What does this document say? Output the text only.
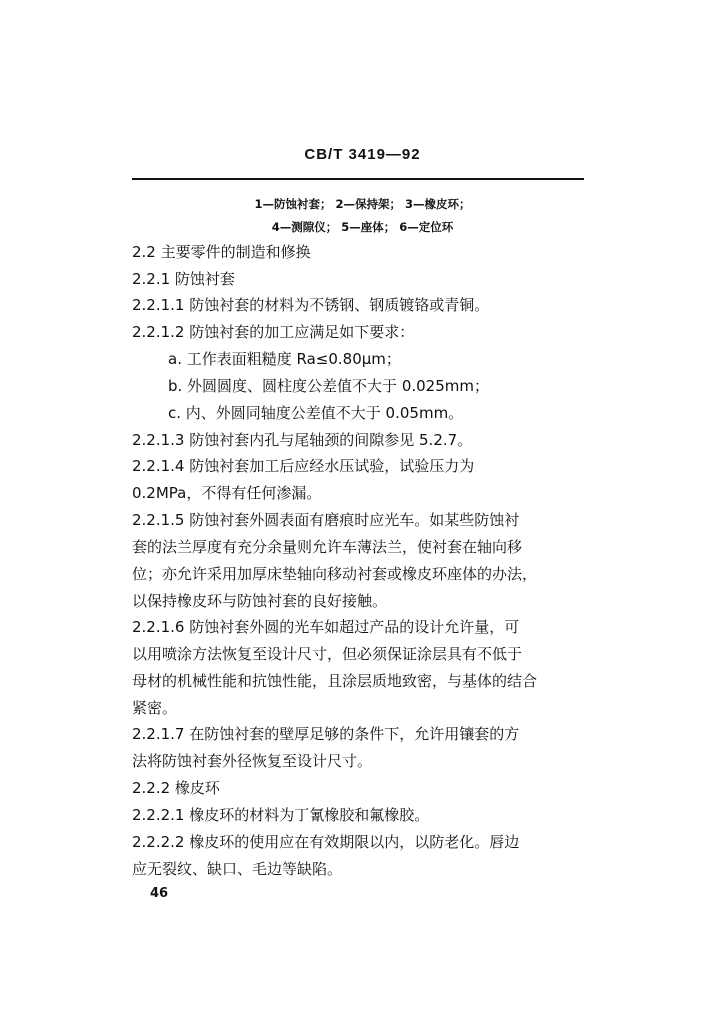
CB/T 3419—92
1—防蚀衬套； 2—保持架； 3—橡皮环；
4—测隙仪； 5—座体； 6—定位环
2.2 主要零件的制造和修换
2.2.1 防蚀衬套
2.2.1.1 防蚀衬套的材料为不锈钢、钢质镀铬或青铜。
2.2.1.2 防蚀衬套的加工应满足如下要求：
a. 工作表面粗糙度 Ra≤0.80μm；
b. 外圆圆度、圆柱度公差值不大于 0.025mm；
c. 内、外圆同轴度公差值不大于 0.05mm。
2.2.1.3 防蚀衬套内孔与尾轴颈的间隙参见 5.2.7。
2.2.1.4 防蚀衬套加工后应经水压试验，试验压力为
0.2MPa，不得有任何渗漏。
2.2.1.5 防蚀衬套外圆表面有磨痕时应光车。如某些防蚀衬
套的法兰厚度有充分余量则允许车薄法兰，使衬套在轴向移
位；亦允许采用加厚床垫轴向移动衬套或橡皮环座体的办法，
以保持橡皮环与防蚀衬套的良好接触。
2.2.1.6 防蚀衬套外圆的光车如超过产品的设计允许量，可
以用喷涂方法恢复至设计尺寸，但必须保证涂层具有不低于
母材的机械性能和抗蚀性能，且涂层质地致密，与基体的结合
紧密。
2.2.1.7 在防蚀衬套的壁厚足够的条件下，允许用镶套的方
法将防蚀衬套外径恢复至设计尺寸。
2.2.2 橡皮环
2.2.2.1 橡皮环的材料为丁氰橡胶和氟橡胶。
2.2.2.2 橡皮环的使用应在有效期限以内，以防老化。唇边
应无裂纹、缺口、毛边等缺陷。
46
